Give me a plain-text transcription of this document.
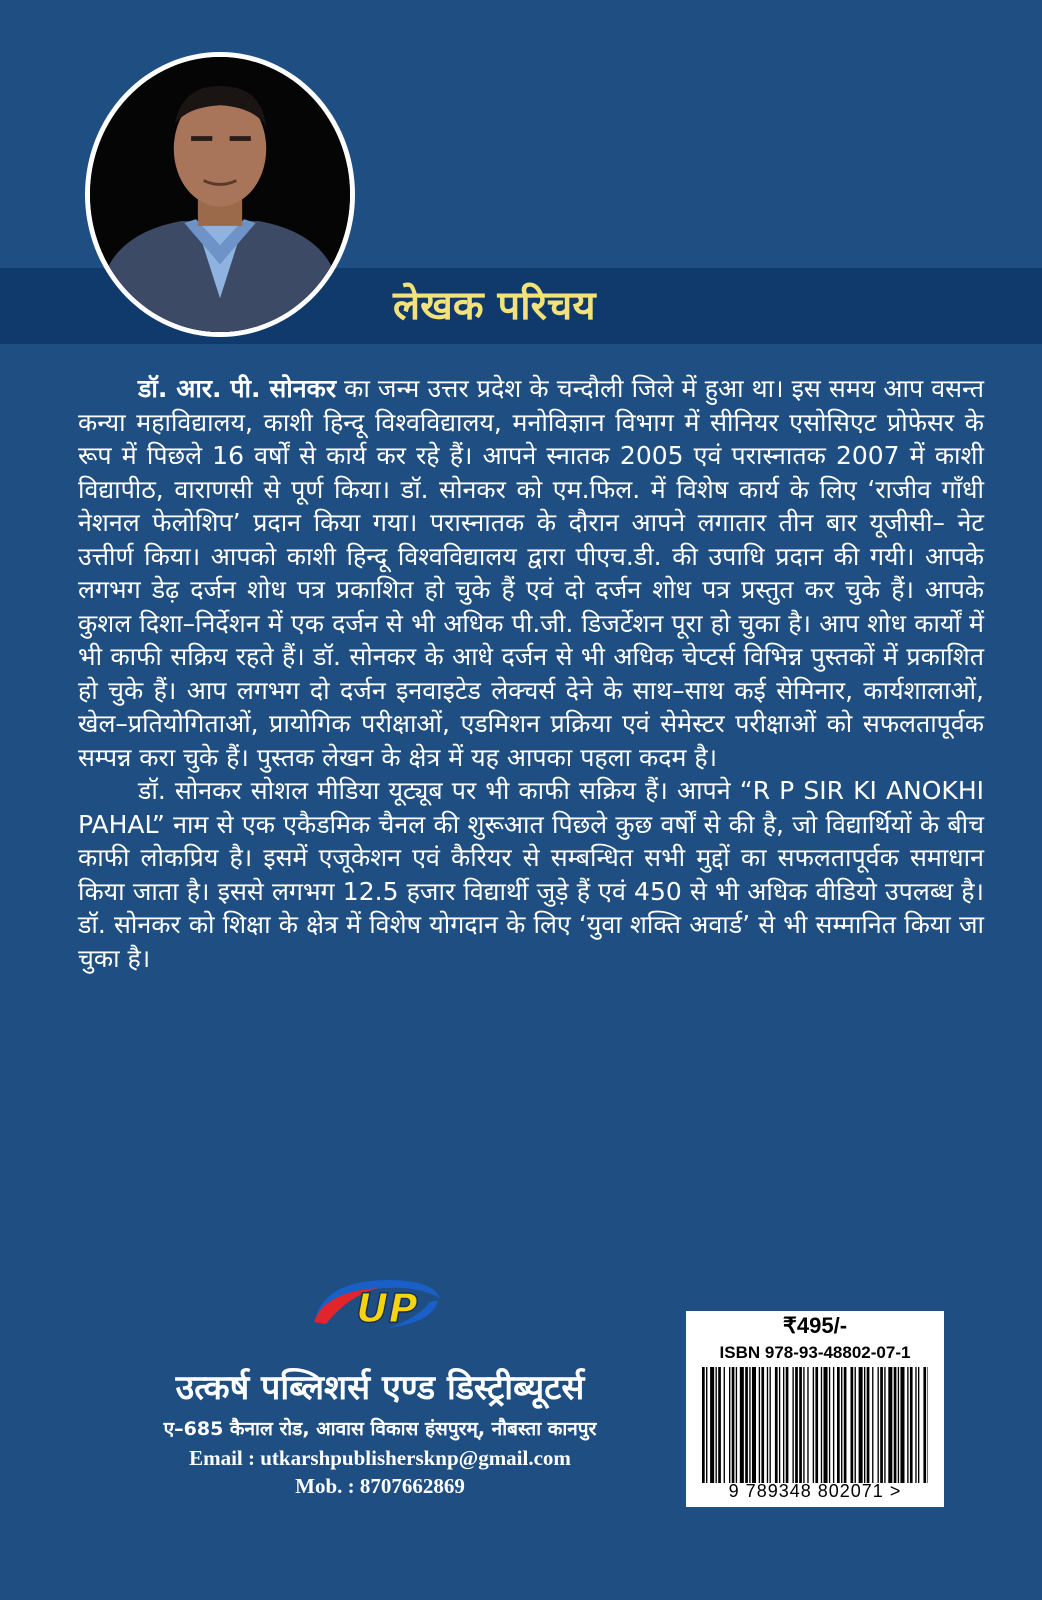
लेखक परिचय

डॉ. आर. पी. सोनकर का जन्म उत्तर प्रदेश के चन्दौली जिले में हुआ था। इस समय आप वसन्त कन्या महाविद्यालय, काशी हिन्दू विश्वविद्यालय, मनोविज्ञान विभाग में सीनियर एसोसिएट प्रोफेसर के रूप में पिछले 16 वर्षों से कार्य कर रहे हैं। आपने स्नातक 2005 एवं परास्नातक 2007 में काशी विद्यापीठ, वाराणसी से पूर्ण किया। डॉ. सोनकर को एम.फिल. में विशेष कार्य के लिए ‘राजीव गाँधी नेशनल फेलोशिप’ प्रदान किया गया। परास्नातक के दौरान आपने लगातार तीन बार यूजीसी– नेट उत्तीर्ण किया। आपको काशी हिन्दू विश्वविद्यालय द्वारा पीएच.डी. की उपाधि प्रदान की गयी। आपके लगभग डेढ़ दर्जन शोध पत्र प्रकाशित हो चुके हैं एवं दो दर्जन शोध पत्र प्रस्तुत कर चुके हैं। आपके कुशल दिशा–निर्देशन में एक दर्जन से भी अधिक पी.जी. डिजर्टेशन पूरा हो चुका है। आप शोध कार्यों में भी काफी सक्रिय रहते हैं। डॉ. सोनकर के आधे दर्जन से भी अधिक चेप्टर्स विभिन्न पुस्तकों में प्रकाशित हो चुके हैं। आप लगभग दो दर्जन इनवाइटेड लेक्चर्स देने के साथ–साथ कई सेमिनार, कार्यशालाओं, खेल–प्रतियोगिताओं, प्रायोगिक परीक्षाओं, एडमिशन प्रक्रिया एवं सेमेस्टर परीक्षाओं को सफलतापूर्वक सम्पन्न करा चुके हैं। पुस्तक लेखन के क्षेत्र में यह आपका पहला कदम है।

डॉ. सोनकर सोशल मीडिया यूट्यूब पर भी काफी सक्रिय हैं। आपने “R P SIR KI ANOKHI PAHAL” नाम से एक एकैडमिक चैनल की शुरूआत पिछले कुछ वर्षों से की है, जो विद्यार्थियों के बीच काफी लोकप्रिय है। इसमें एजूकेशन एवं कैरियर से सम्बन्धित सभी मुद्दों का सफलतापूर्वक समाधान किया जाता है। इससे लगभग 12.5 हजार विद्यार्थी जुड़े हैं एवं 450 से भी अधिक वीडियो उपलब्ध है। डॉ. सोनकर को शिक्षा के क्षेत्र में विशेष योगदान के लिए ‘युवा शक्ति अवार्ड’ से भी सम्मानित किया जा चुका है।

UP
उत्कर्ष पब्लिशर्स एण्ड डिस्ट्रीब्यूटर्स
ए–685 कैनाल रोड, आवास विकास हंसपुरम्, नौबस्ता कानपुर
Email : utkarshpublishersknp@gmail.com
Mob. : 8707662869
₹495/-
ISBN 978-93-48802-07-1
9 789348 802071 >
